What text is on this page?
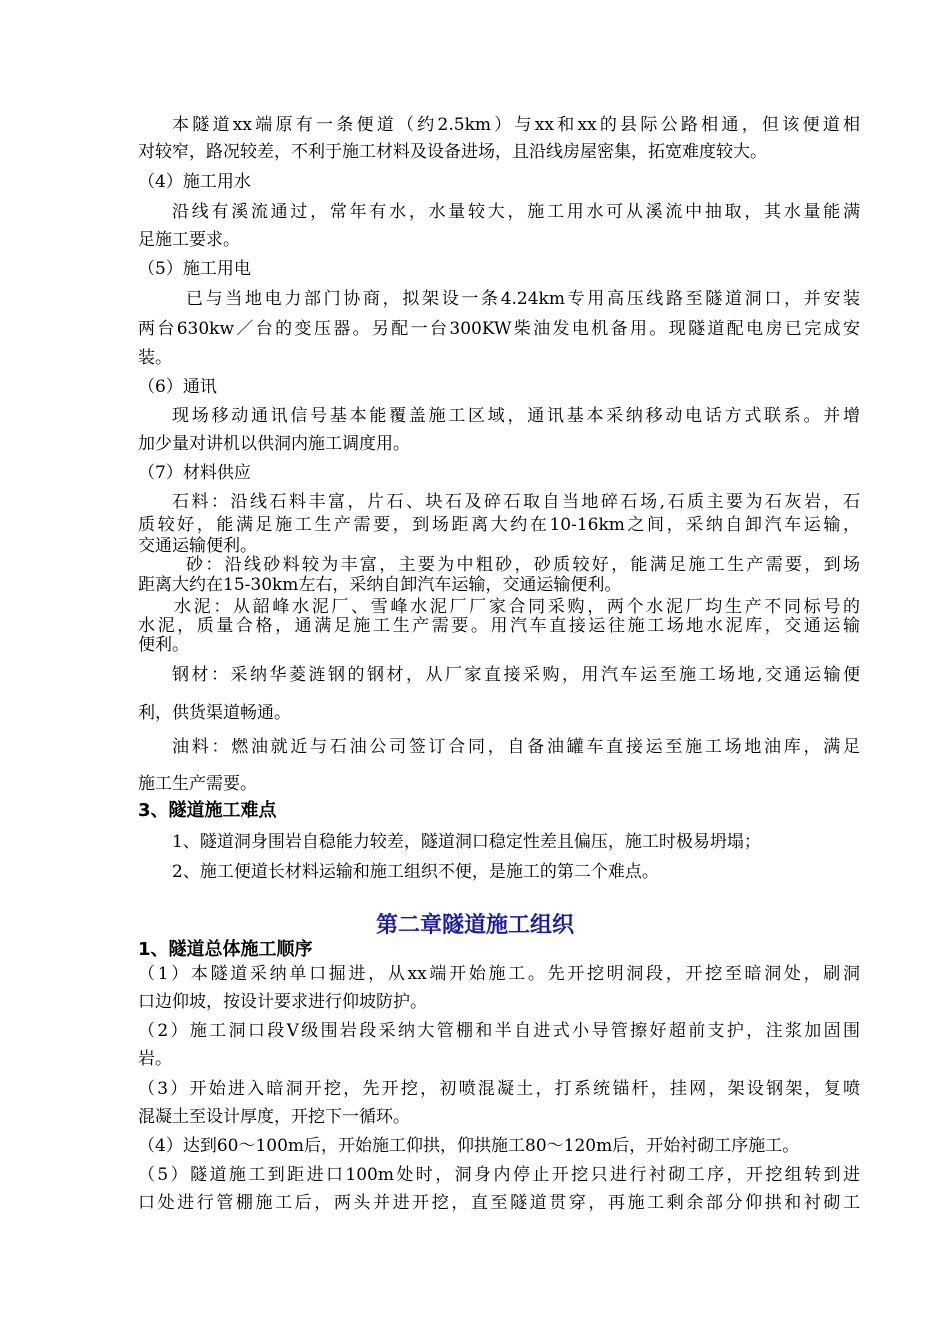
本隧道xx端原有一条便道（约2.5km）与xx和xx的县际公路相通，但该便道相
对较窄，路况较差，不利于施工材料及设备进场，且沿线房屋密集，拓宽难度较大。
（4）施工用水
沿线有溪流通过，常年有水，水量较大，施工用水可从溪流中抽取，其水量能满
足施工要求。
（5）施工用电
已与当地电力部门协商，拟架设一条4.24km专用高压线路至隧道洞口，并安装
两台630kw／台的变压器。另配一台300KW柴油发电机备用。现隧道配电房已完成安
装。
（6）通讯
现场移动通讯信号基本能覆盖施工区域，通讯基本采纳移动电话方式联系。并增
加少量对讲机以供洞内施工调度用。
（7）材料供应
石料：沿线石料丰富，片石、块石及碎石取自当地碎石场,石质主要为石灰岩，石
质较好，能满足施工生产需要，到场距离大约在10-16km之间，采纳自卸汽车运输，
交通运输便利。
砂：沿线砂料较为丰富，主要为中粗砂，砂质较好，能满足施工生产需要，到场
距离大约在15-30km左右，采纳自卸汽车运输，交通运输便利。
水泥：从韶峰水泥厂、雪峰水泥厂厂家合同采购，两个水泥厂均生产不同标号的
水泥，质量合格，通满足施工生产需要。用汽车直接运往施工场地水泥库，交通运输
便利。
钢材：采纳华菱涟钢的钢材，从厂家直接采购，用汽车运至施工场地,交通运输便
利，供货渠道畅通。
油料：燃油就近与石油公司签订合同，自备油罐车直接运至施工场地油库，满足
施工生产需要。
3、隧道施工难点
1、隧道洞身围岩自稳能力较差，隧道洞口稳定性差且偏压，施工时极易坍塌；
2、施工便道长材料运输和施工组织不便，是施工的第二个难点。
第二章隧道施工组织
1、隧道总体施工顺序
（1）本隧道采纳单口掘进，从xx端开始施工。先开挖明洞段，开挖至暗洞处，刷洞
口边仰坡，按设计要求进行仰坡防护。
（2）施工洞口段Ⅴ级围岩段采纳大管棚和半自进式小导管擦好超前支护，注浆加固围
岩。
（3）开始进入暗洞开挖，先开挖，初喷混凝土，打系统锚杆，挂网，架设钢架，复喷
混凝土至设计厚度，开挖下一循环。
（4）达到60～100m后，开始施工仰拱，仰拱施工80～120m后，开始衬砌工序施工。
（5）隧道施工到距进口100m处时，洞身内停止开挖只进行衬砌工序，开挖组转到进
口处进行管棚施工后，两头并进开挖，直至隧道贯穿，再施工剩余部分仰拱和衬砌工
